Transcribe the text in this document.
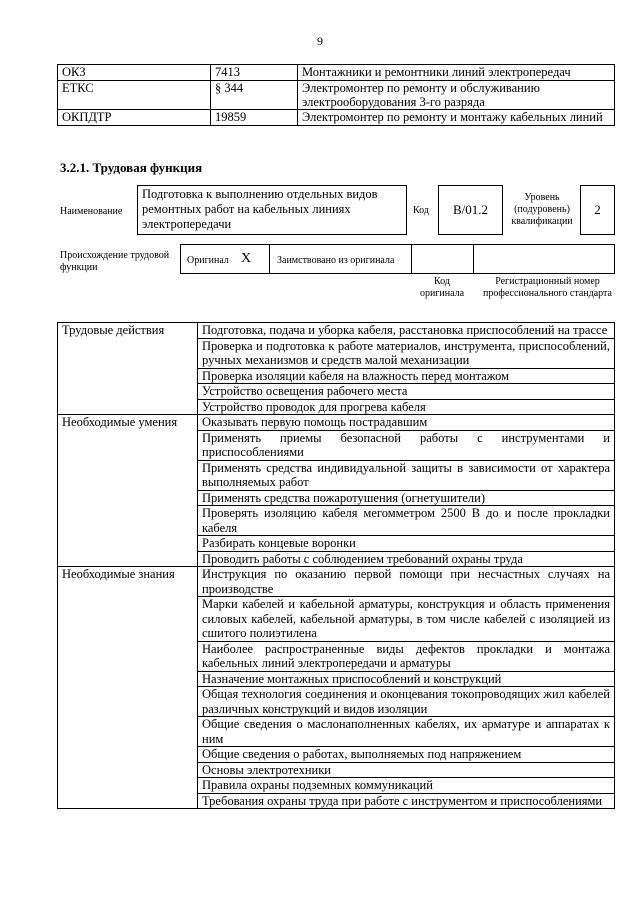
9
ОКЗ	7413	Монтажники и ремонтники линий электропередач
ЕТКС	§ 344	Электромонтер по ремонту и обслуживанию электрооборудования 3-го разряда
ОКПДТР	19859	Электромонтер по ремонту и монтажу кабельных линий
3.2.1. Трудовая функция
Наименование
Подготовка к выполнению отдельных видов ремонтных работ на кабельных линиях электропередачи
Код	В/01.2
Уровень (подуровень) квалификации
2
Происхождение трудовой функции
Оригинал X	Заимствовано из оригинала
Код оригинала
Регистрационный номер профессионального стандарта
Трудовые действия	Подготовка, подача и уборка кабеля, расстановка приспособлений на трассе
	Проверка и подготовка к работе материалов, инструмента, приспособлений, ручных механизмов и средств малой механизации
	Проверка изоляции кабеля на влажность перед монтажом
	Устройство освещения рабочего места
	Устройство проводок для прогрева кабеля
Необходимые умения	Оказывать первую помощь пострадавшим
	Применять приемы безопасной работы с инструментами и приспособлениями
	Применять средства индивидуальной защиты в зависимости от характера выполняемых работ
	Применять средства пожаротушения (огнетушители)
	Проверять изоляцию кабеля мегомметром 2500 В до и после прокладки кабеля
	Разбирать концевые воронки
	Проводить работы с соблюдением требований охраны труда
Необходимые знания	Инструкция по оказанию первой помощи при несчастных случаях на производстве
	Марки кабелей и кабельной арматуры, конструкция и область применения силовых кабелей, кабельной арматуры, в том числе кабелей с изоляцией из сшитого полиэтилена
	Наиболее распространенные виды дефектов прокладки и монтажа кабельных линий электропередачи и арматуры
	Назначение монтажных приспособлений и конструкций
	Общая технология соединения и оконцевания токопроводящих жил кабелей различных конструкций и видов изоляции
	Общие сведения о маслонаполненных кабелях, их арматуре и аппаратах к ним
	Общие сведения о работах, выполняемых под напряжением
	Основы электротехники
	Правила охраны подземных коммуникаций
	Требования охраны труда при работе с инструментом и приспособлениями
